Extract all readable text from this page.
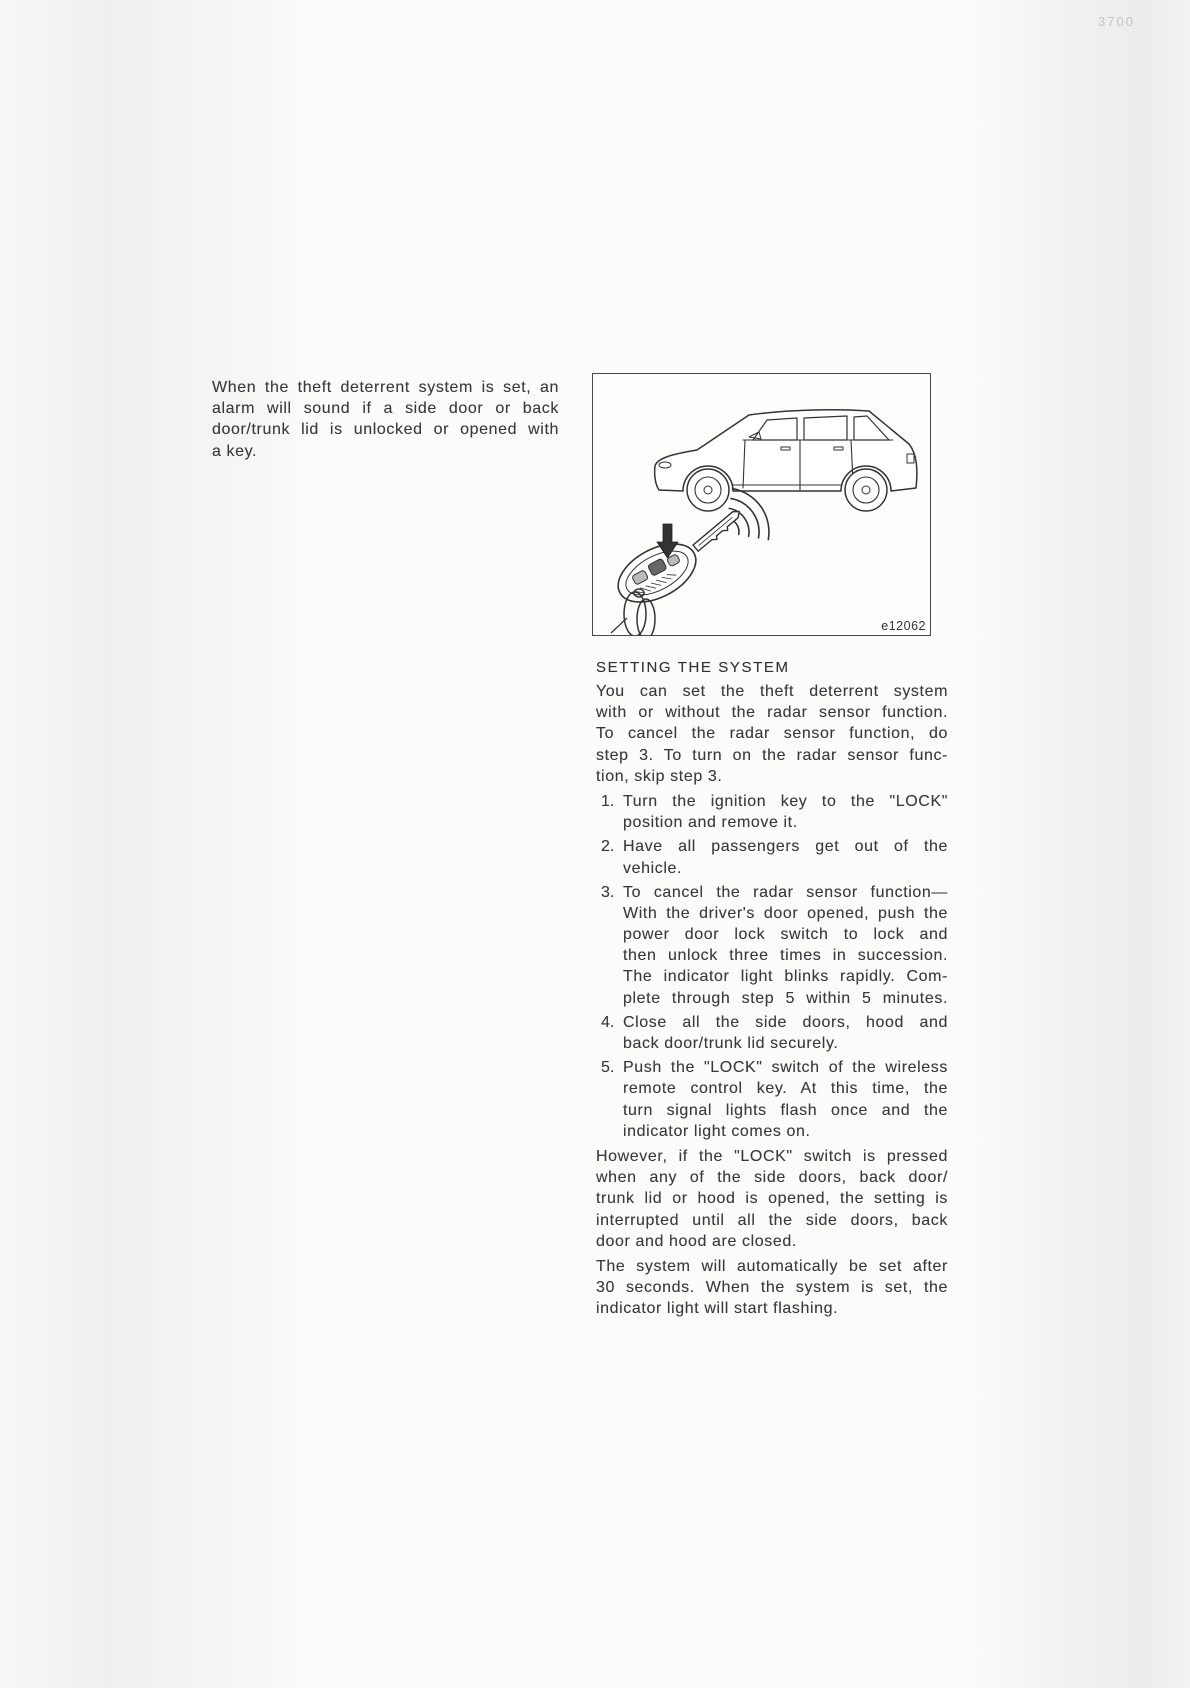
3700
When the theft deterrent system is set, an
alarm will sound if a side door or back
door/trunk lid is unlocked or opened with
a key.
e12062
SETTING THE SYSTEM
You can set the theft deterrent system
with or without the radar sensor function.
To cancel the radar sensor function, do
step 3. To turn on the radar sensor func-
tion, skip step 3.
1. Turn the ignition key to the "LOCK"
position and remove it.
2. Have all passengers get out of the
vehicle.
3. To cancel the radar sensor function—
With the driver's door opened, push the
power door lock switch to lock and
then unlock three times in succession.
The indicator light blinks rapidly. Com-
plete through step 5 within 5 minutes.
4. Close all the side doors, hood and
back door/trunk lid securely.
5. Push the "LOCK" switch of the wireless
remote control key. At this time, the
turn signal lights flash once and the
indicator light comes on.
However, if the "LOCK" switch is pressed
when any of the side doors, back door/
trunk lid or hood is opened, the setting is
interrupted until all the side doors, back
door and hood are closed.
The system will automatically be set after
30 seconds. When the system is set, the
indicator light will start flashing.
